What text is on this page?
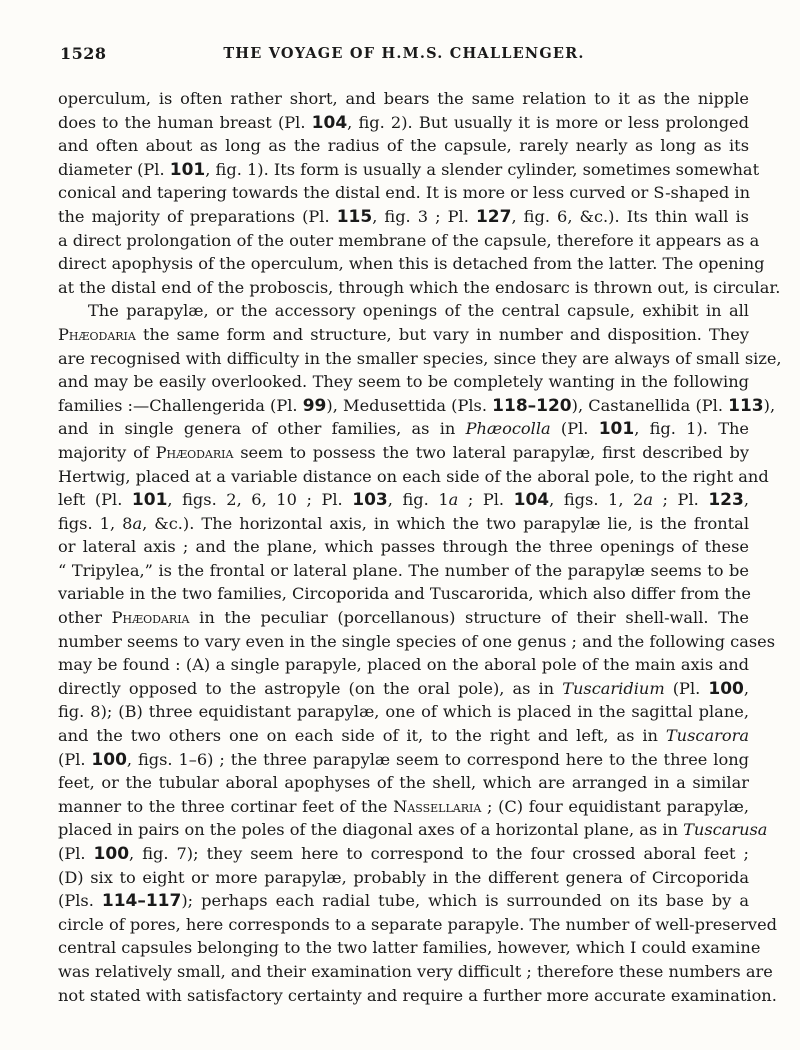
1528	THE VOYAGE OF H.M.S. CHALLENGER.
operculum, is often rather short, and bears the same relation to it as the nipple
does to the human breast (Pl. 104, fig. 2). But usually it is more or less prolonged
and often about as long as the radius of the capsule, rarely nearly as long as its
diameter (Pl. 101, fig. 1). Its form is usually a slender cylinder, sometimes somewhat
conical and tapering towards the distal end. It is more or less curved or S-shaped in
the majority of preparations (Pl. 115, fig. 3 ; Pl. 127, fig. 6, &c.). Its thin wall is
a direct prolongation of the outer membrane of the capsule, therefore it appears as a
direct apophysis of the operculum, when this is detached from the latter. The opening
at the distal end of the proboscis, through which the endosarc is thrown out, is circular.
The parapylæ, or the accessory openings of the central capsule, exhibit in all
Phæodaria the same form and structure, but vary in number and disposition. They
are recognised with difficulty in the smaller species, since they are always of small size,
and may be easily overlooked. They seem to be completely wanting in the following
families :—Challengerida (Pl. 99), Medusettida (Pls. 118–120), Castanellida (Pl. 113),
and in single genera of other families, as in Phæocolla (Pl. 101, fig. 1). The
majority of Phæodaria seem to possess the two lateral parapylæ, first described by
Hertwig, placed at a variable distance on each side of the aboral pole, to the right and
left (Pl. 101, figs. 2, 6, 10 ; Pl. 103, fig. 1a ; Pl. 104, figs. 1, 2a ; Pl. 123,
figs. 1, 8a, &c.). The horizontal axis, in which the two parapylæ lie, is the frontal
or lateral axis ; and the plane, which passes through the three openings of these
“ Tripylea,” is the frontal or lateral plane. The number of the parapylæ seems to be
variable in the two families, Circoporida and Tuscarorida, which also differ from the
other Phæodaria in the peculiar (porcellanous) structure of their shell-wall. The
number seems to vary even in the single species of one genus ; and the following cases
may be found : (A) a single parapyle, placed on the aboral pole of the main axis and
directly opposed to the astropyle (on the oral pole), as in Tuscaridium (Pl. 100,
fig. 8); (B) three equidistant parapylæ, one of which is placed in the sagittal plane,
and the two others one on each side of it, to the right and left, as in Tuscarora
(Pl. 100, figs. 1–6) ; the three parapylæ seem to correspond here to the three long
feet, or the tubular aboral apophyses of the shell, which are arranged in a similar
manner to the three cortinar feet of the Nassellaria ; (C) four equidistant parapylæ,
placed in pairs on the poles of the diagonal axes of a horizontal plane, as in Tuscarusa
(Pl. 100, fig. 7); they seem here to correspond to the four crossed aboral feet ;
(D) six to eight or more parapylæ, probably in the different genera of Circoporida
(Pls. 114–117); perhaps each radial tube, which is surrounded on its base by a
circle of pores, here corresponds to a separate parapyle. The number of well-preserved
central capsules belonging to the two latter families, however, which I could examine
was relatively small, and their examination very difficult ; therefore these numbers are
not stated with satisfactory certainty and require a further more accurate examination.
